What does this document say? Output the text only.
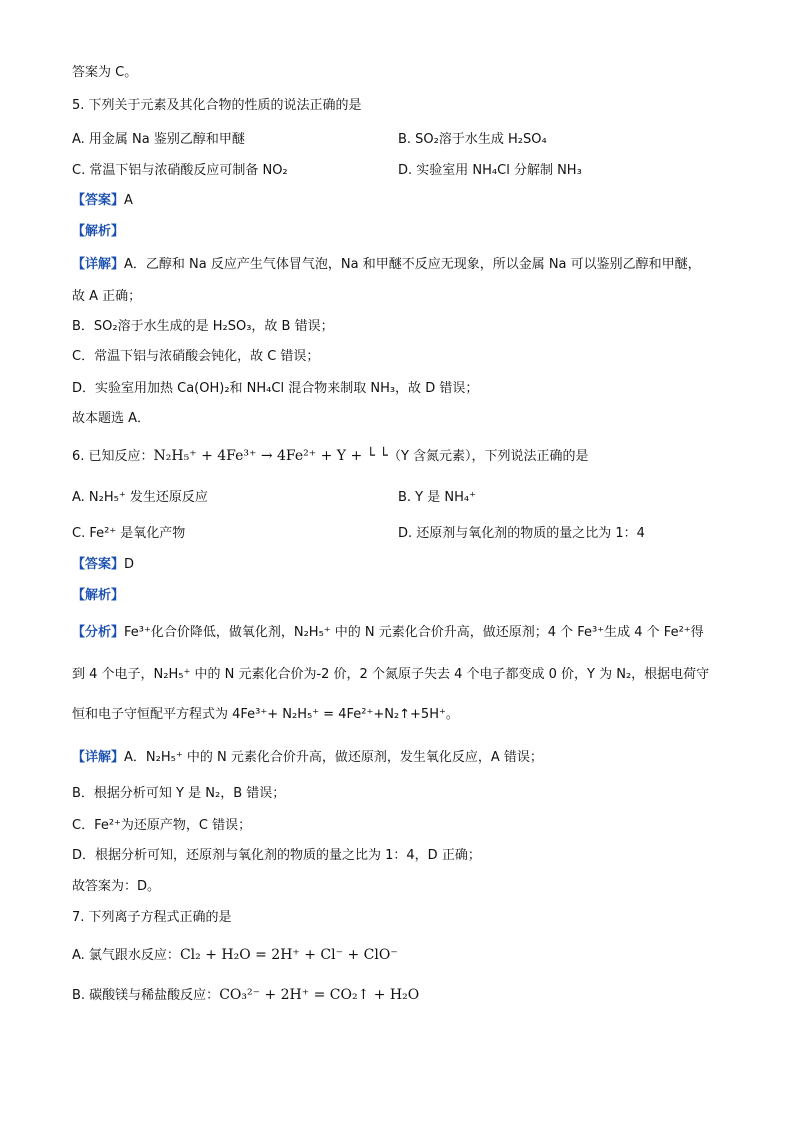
答案为 C。
5. 下列关于元素及其化合物的性质的说法正确的是
A. 用金属 Na 鉴别乙醇和甲醚	B. SO₂溶于水生成 H₂SO₄
C. 常温下铝与浓硝酸反应可制备 NO₂	D. 实验室用 NH₄Cl 分解制 NH₃
【答案】A
【解析】
【详解】A．乙醇和 Na 反应产生气体冒气泡，Na 和甲醚不反应无现象，所以金属 Na 可以鉴别乙醇和甲醚，
故 A 正确；
B．SO₂溶于水生成的是 H₂SO₃，故 B 错误；
C．常温下铝与浓硝酸会钝化，故 C 错误；
D．实验室用加热 Ca(OH)₂和 NH₄Cl 混合物来制取 NH₃，故 D 错误；
故本题选 A．
6. 已知反应：N₂H₅⁺ + 4Fe³⁺ → 4Fe²⁺ + Y + └ └（Y 含氮元素），下列说法正确的是
A. N₂H₅⁺ 发生还原反应	B. Y 是 NH₄⁺
C. Fe²⁺ 是氧化产物	D. 还原剂与氧化剂的物质的量之比为 1：4
【答案】D
【解析】
【分析】Fe³⁺化合价降低，做氧化剂，N₂H₅⁺ 中的 N 元素化合价升高，做还原剂；4 个 Fe³⁺生成 4 个 Fe²⁺得
到 4 个电子，N₂H₅⁺ 中的 N 元素化合价为-2 价，2 个氮原子失去 4 个电子都变成 0 价，Y 为 N₂，根据电荷守
恒和电子守恒配平方程式为 4Fe³⁺+ N₂H₅⁺ = 4Fe²⁺+N₂↑+5H⁺。
【详解】A．N₂H₅⁺ 中的 N 元素化合价升高，做还原剂，发生氧化反应，A 错误；
B．根据分析可知 Y 是 N₂，B 错误；
C．Fe²⁺为还原产物，C 错误；
D．根据分析可知，还原剂与氧化剂的物质的量之比为 1：4，D 正确；
故答案为：D。
7. 下列离子方程式正确的是
A. 氯气跟水反应：Cl₂ + H₂O = 2H⁺ + Cl⁻ + ClO⁻
B. 碳酸镁与稀盐酸反应：CO₃²⁻ + 2H⁺ = CO₂↑ + H₂O
